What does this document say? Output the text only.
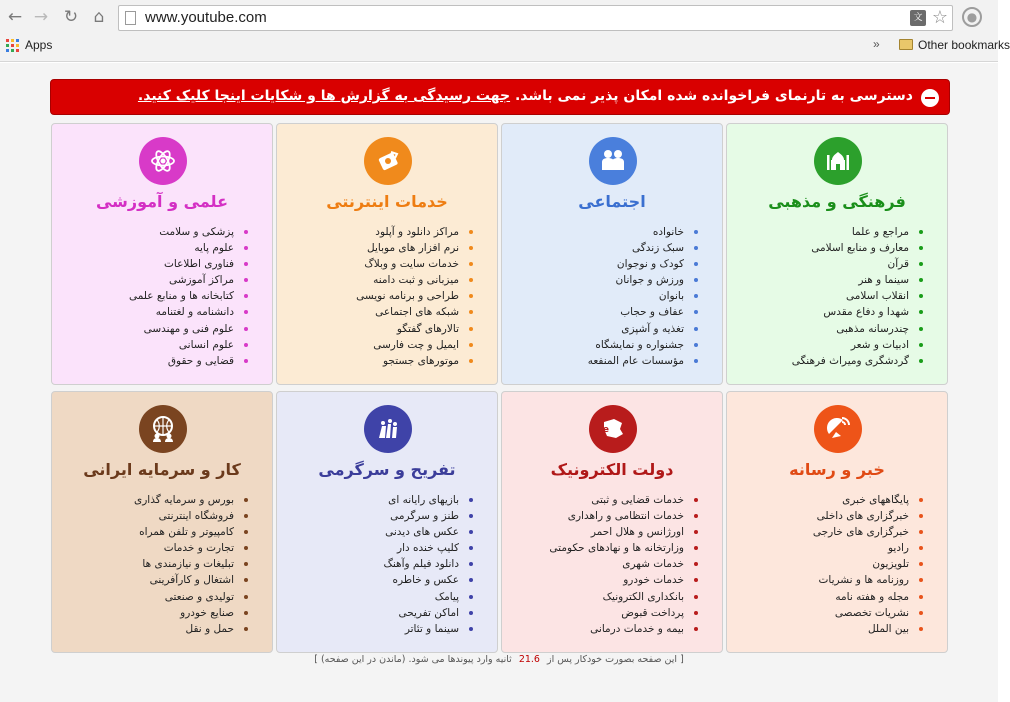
← → ↻ ⌂	www.youtube.com	文 ☆	●
Apps	»	Other bookmarks
دسترسی به تارنمای فراخوانده شده امکان پذیر نمی باشد. جهت رسیدگی به گزارش ها و شکایات اینجا کلیک کنید.
فرهنگی و مذهبی
مراجع و علما
معارف و منابع اسلامی
قرآن
سینما و هنر
انقلاب اسلامی
شهدا و دفاع مقدس
چندرسانه مذهبی
ادبیات و شعر
گردشگری ومیراث فرهنگی
اجتماعی
خانواده
سبک زندگی
کودک و نوجوان
ورزش و جوانان
بانوان
عفاف و حجاب
تغذیه و آشپزی
جشنواره و نمایشگاه
مؤسسات عام المنفعه
خدمات اینترنتی
مراکز دانلود و آپلود
نرم افزار های موبایل
خدمات سایت و وبلاگ
میزبانی و ثبت دامنه
طراحی و برنامه نویسی
شبکه های اجتماعی
تالارهای گفتگو
ایمیل و چت فارسی
موتورهای جستجو
علمی و آموزشی
پزشکی و سلامت
علوم پایه
فناوری اطلاعات
مراکز آموزشی
کتابخانه ها و منابع علمی
دانشنامه و لغتنامه
علوم فنی و مهندسی
علوم انسانی
قضایی و حقوق
خبر و رسانه
پایگاههای خبری
خبرگزاری های داخلی
خبرگزاری های خارجی
رادیو
تلویزیون
روزنامه ها و نشریات
مجله و هفته نامه
نشریات تخصصی
بین الملل
e
دولت الکترونیک
خدمات قضایی و ثبتی
خدمات انتظامی و راهداری
اورژانس و هلال احمر
وزارتخانه ها و نهادهای حکومتی
خدمات شهری
خدمات خودرو
بانکداری الکترونیک
پرداخت قبوض
بیمه و خدمات درمانی
تفریح و سرگرمی
بازیهای رایانه ای
طنز و سرگرمی
عکس های دیدنی
کلیپ خنده دار
دانلود فیلم وآهنگ
عکس و خاطره
پیامک
اماکن تفریحی
سینما و تئاتر
کار و سرمایه ایرانی
بورس و سرمایه گذاری
فروشگاه اینترنتی
کامپیوتر و تلفن همراه
تجارت و خدمات
تبلیغات و نیازمندی ها
اشتغال و کارآفرینی
تولیدی و صنعتی
صنایع خودرو
حمل و نقل
[ این صفحه بصورت خودکار پس از 21.6 ثانیه وارد پیوندها می شود. (ماندن در این صفحه) ]
